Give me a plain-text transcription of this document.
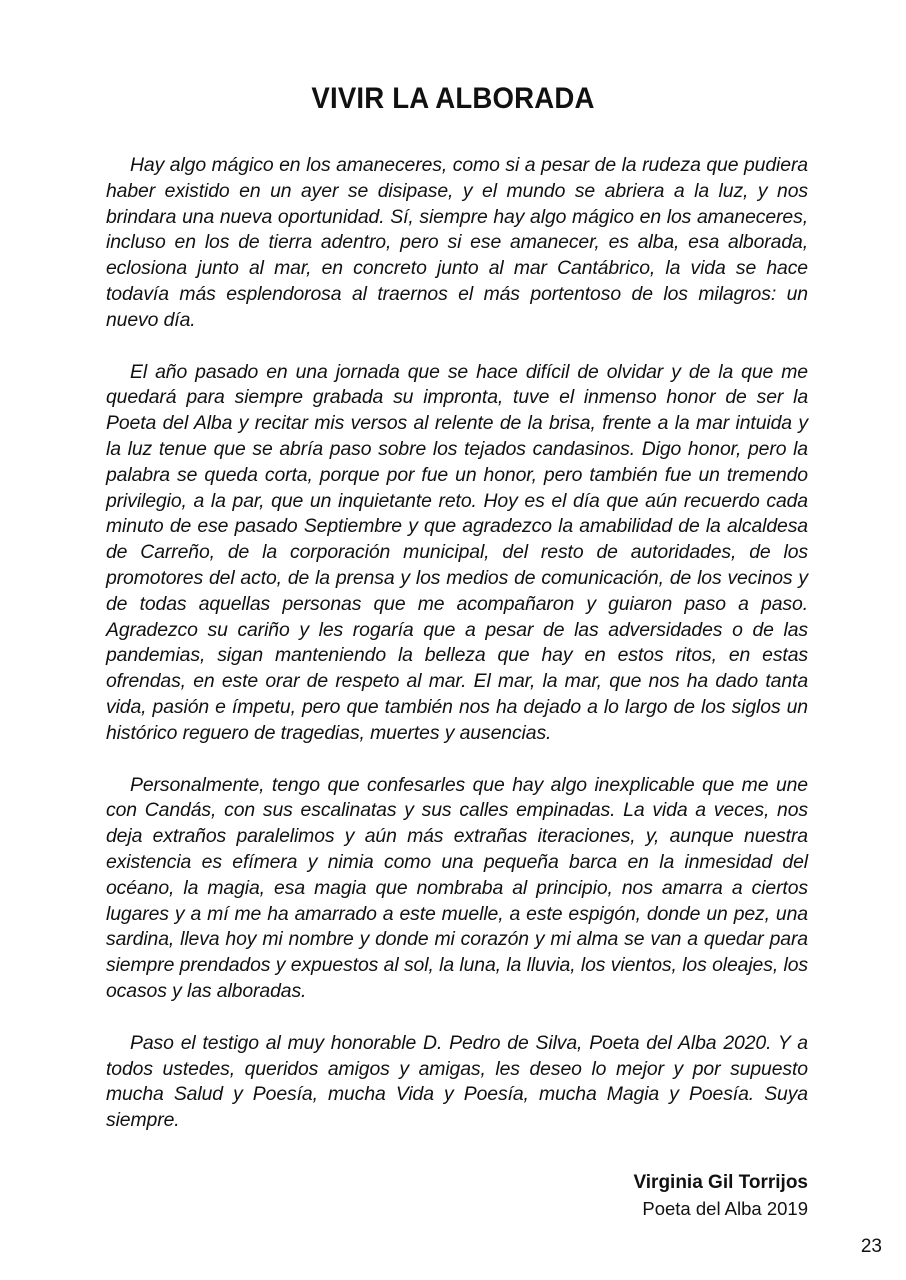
VIVIR LA ALBORADA

Hay algo mágico en los amaneceres, como si a pesar de la rudeza que pudiera haber existido en un ayer se disipase, y el mundo se abriera a la luz, y nos brindara una nueva oportunidad. Sí, siempre hay algo mágico en los amaneceres, incluso en los de tierra adentro, pero si ese amanecer, es alba, esa alborada, eclosiona junto al mar, en concreto junto al mar Cantábrico, la vida se hace todavía más esplendorosa al traernos el más portentoso de los milagros: un nuevo día.

El año pasado en una jornada que se hace difícil de olvidar y de la que me quedará para siempre grabada su impronta, tuve el inmenso honor de ser la Poeta del Alba y recitar mis versos al relente de la brisa, frente a la mar intuida y la luz tenue que se abría paso sobre los tejados candasinos. Digo honor, pero la palabra se queda corta, porque por fue un honor, pero también fue un tremendo privilegio, a la par, que un inquietante reto. Hoy es el día que aún recuerdo cada minuto de ese pasado Septiembre y que agradezco la amabilidad de la alcaldesa de Carreño, de la corporación municipal, del resto de autoridades, de los promotores del acto, de la prensa y los medios de comunicación, de los vecinos y de todas aquellas personas que me acompañaron y guiaron paso a paso. Agradezco su cariño y les rogaría que a pesar de las adversidades o de las pandemias, sigan manteniendo la belleza que hay en estos ritos, en estas ofrendas, en este orar de respeto al mar. El mar, la mar, que nos ha dado tanta vida, pasión e ímpetu, pero que también nos ha dejado a lo largo de los siglos un histórico reguero de tragedias, muertes y ausencias.

Personalmente, tengo que confesarles que hay algo inexplicable que me une con Candás, con sus escalinatas y sus calles empinadas. La vida a veces, nos deja extraños paralelimos y aún más extrañas iteraciones, y, aunque nuestra existencia es efímera y nimia como una pequeña barca en la inmesidad del océano, la magia, esa magia que nombraba al principio, nos amarra a ciertos lugares y a mí me ha amarrado a este muelle, a este espigón, donde un pez, una sardina, lleva hoy mi nombre y donde mi corazón y mi alma se van a quedar para siempre prendados y expuestos al sol, la luna, la lluvia, los vientos, los oleajes, los ocasos y las alboradas.

Paso el testigo al muy honorable D. Pedro de Silva, Poeta del Alba 2020. Y a todos ustedes, queridos amigos y amigas, les deseo lo mejor y por supuesto mucha Salud y Poesía, mucha Vida y Poesía, mucha Magia y Poesía. Suya siempre.

Virginia Gil Torrijos
Poeta del Alba 2019
23
